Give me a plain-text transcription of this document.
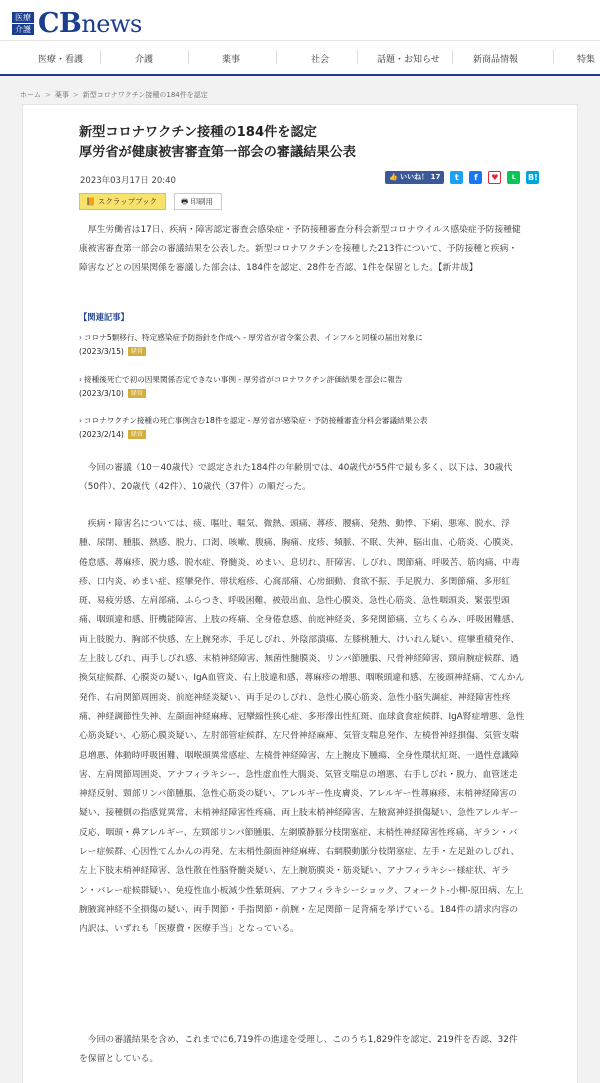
医療
介護 CBnews
医療・看護	介護	薬事	社会	話題・お知らせ	新商品情報	特集
ホーム > 薬事 > 新型コロナワクチン接種の184件を認定
新型コロナワクチン接種の184件を認定
厚労省が健康被害審査第一部会の審議結果公表
2023年03月17日 20:40	👍 いいね！ 17	t	f	♥	L	B!
📙 スクラップブック	🖶 印刷用
厚生労働省は17日、疾病・障害認定審査会感染症・予防接種審査分科会新型コロナウイルス感染症予防接種健康被害審査第一部会の審議結果を公表した。新型コロナワクチンを接種した213件について、予防接種と疾病・障害などとの因果関係を審議した部会は、184件を認定、28件を否認、1件を保留とした。【新井哉】
【関連記事】
› コロナ5類移行、特定感染症予防指針を作成へ - 厚労省が省令案公表、インフルと同様の届出対象に
(2023/3/15) 経営
› 接種後死亡で初の因果関係否定できない事例 - 厚労省がコロナワクチン評価結果を部会に報告
(2023/3/10) 経営
› コロナワクチン接種の死亡事例含む18件を認定 - 厚労省が感染症・予防接種審査分科会審議結果公表
(2023/2/14) 経営
今回の審議（10－40歳代）で認定された184件の年齢別では、40歳代が55件で最も多く、以下は、30歳代（50件）、20歳代（42件）、10歳代（37件）の順だった。
疾病・障害名については、痰、嘔吐、嘔気、微熱、頭痛、蕁疹、腰痛、発熱、動悸、下痢、悪寒、脱水、浮腫、尿閉、腫脹、熱感、脱力、口渇、咳嗽、腹痛、胸痛、皮疹、頻脈、不眠、失神、脳出血、心筋炎、心膜炎、倦怠感、蕁麻疹、脱力感、脱水症、脊髄炎、めまい、息切れ、肝障害、しびれ、関節痛、呼吸苦、筋肉痛、中毒疹、口内炎、めまい症、痙攣発作、帯状疱疹、心窩部痛、心房細動、食欲不振、手足脱力、多関節痛、多形紅斑、易疲労感、左肩部痛、ふらつき、呼吸困難、被殻出血、急性心膜炎、急性心筋炎、急性咽頭炎、緊張型頭痛、咽頭違和感、肝機能障害、上肢の疼痛、全身倦怠感、前庭神経炎、多発関節痛、立ちくらみ、呼吸困難感、両上肢脱力、胸部不快感、左上腕発赤、手足しびれ、外陰部潰瘍、左膝桃腫大、けいれん疑い、痙攣重積発作、左上肢しびれ、両手しびれ感、末梢神経障害、無菌性髄膜炎、リンパ節腫脹、尺骨神経障害、頸肩腕症候群、過換気症候群、心膜炎の疑い、IgA血管炎、右上肢違和感、蕁麻疹の増悪、咽喉頭違和感、左後頭神経痛、てんかん発作、右肩関節周囲炎、前庭神経炎疑い、両手足のしびれ、急性心膜心筋炎、急性小脳失調症、神経障害性疼痛、神経調節性失神、左顔面神経麻痺、冠攣縮性狭心症、多形滲出性紅斑、血球貪食症候群、IgA腎症増悪、急性心筋炎疑い、心筋心膜炎疑い、左肘部管症候群、左尺骨神経麻痺、気管支喘息発作、左橈骨神経損傷、気管支喘息増悪、体動時呼吸困難、咽喉頭異常感症、左橈骨神経障害、左上腕皮下腫瘍、全身性環状紅斑、一過性意識障害、左肩関節周囲炎、アナフィラキシー、急性虚血性大腸炎、気管支喘息の増悪、右手しびれ・脱力、血管迷走神経反射、頸部リンパ節腫脹、急性心筋炎の疑い、アレルギー性皮膚炎、アレルギー性蕁麻疹、末梢神経障害の疑い、接種側の指感覚異常、末梢神経障害性疼痛、両上肢末梢神経障害、左腋窩神経損傷疑い、急性アレルギー反応、咽頭・鼻アレルギー、左頸部リンパ節腫脹、左網膜静脈分枝閉塞症、末梢性神経障害性疼痛、ギラン・バレー症候群、心因性てんかんの再発、左末梢性顔面神経麻痺、右網膜動脈分枝閉塞症、左手・左足趾のしびれ、左上下肢末梢神経障害、急性散在性脳脊髄炎疑い、左上腕筋膜炎・筋炎疑い、アナフィラキシー様症状、ギラン・バレー症候群疑い、免疫性血小板減少性紫斑病、アナフィラキシーショック、フォークト-小柳-原田病、左上腕腋窩神経不全損傷の疑い、両手関節・手指関節・前腕・左足関節－足背痛を挙げている。184件の請求内容の内訳は、いずれも「医療費・医療手当」となっている。
今回の審議結果を含め、これまでに6,719件の進達を受理し、このうち1,829件を認定、219件を否認、32件を保留としている。
